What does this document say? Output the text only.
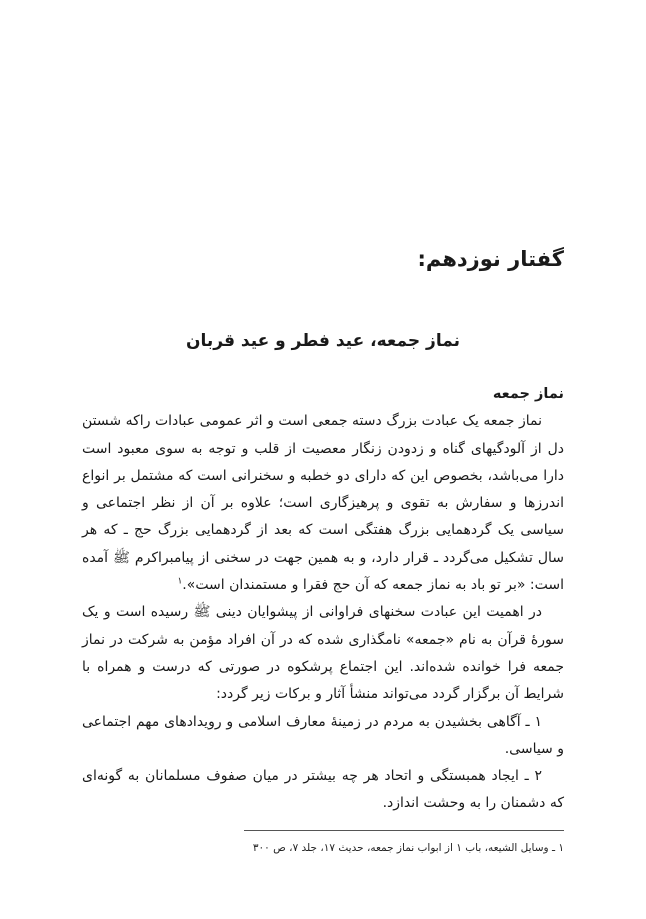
گفتار نوزدهم:
نماز جمعه، عید فطر و عید قربان
نماز جمعه

نماز جمعه یک عبادت بزرگ دسته جمعی است و اثر عمومی عبادات راکه شستن دل از آلودگیهای گناه و زدودن زنگار معصیت از قلب و توجه به سوی معبود است دارا می‌باشد، بخصوص این که دارای دو خطبه و سخنرانی است که مشتمل بر انواع اندرزها و سفارش به تقوی و پرهیزگاری است؛ علاوه بر آن از نظر اجتماعی و سیاسی یک گردهمایی بزرگ هفتگی است که بعد از گردهمایی بزرگ حج ـ که هر سال تشکیل می‌گردد ـ قرار دارد، و به همین جهت در سخنی از پیامبراکرم ﷺ آمده است: «بر تو باد به نماز جمعه که آن حج فقرا و مستمندان است».$^۱$

در اهمیت این عبادت سخنهای فراوانی از پیشوایان دینی ﷺ رسیده است و یک سورهٔ قرآن به نام «جمعه» نامگذاری شده که در آن افراد مؤمن به شرکت در نماز جمعه فرا خوانده شده‌اند. این اجتماع پرشکوه در صورتی که درست و همراه با شرایط آن برگزار گردد می‌تواند منشأ آثار و برکات زیر گردد:

۱ ـ آگاهی بخشیدن به مردم در زمینهٔ معارف اسلامی و رویدادهای مهم اجتماعی و سیاسی.

۲ ـ ایجاد همبستگی و اتحاد هر چه بیشتر در میان صفوف مسلمانان به گونه‌ای که دشمنان را به وحشت اندازد.

۱ ـ وسایل الشیعه، باب ۱ از ابواب نماز جمعه، حدیث ۱۷، جلد ۷، ص ۳۰۰
